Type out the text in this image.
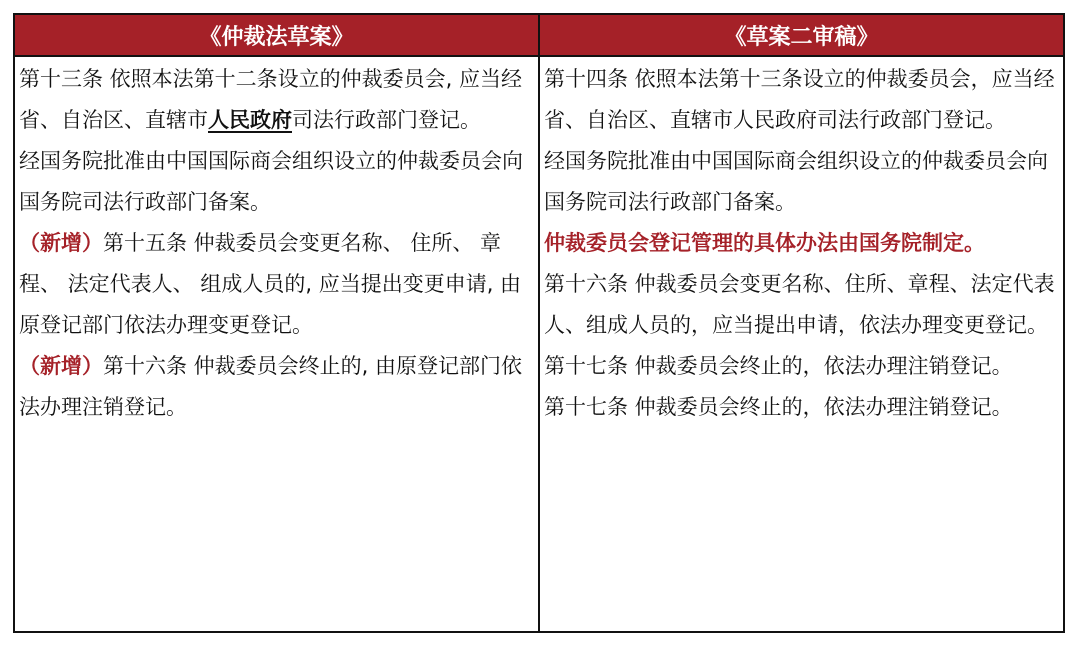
《仲裁法草案》	《草案二审稿》

第十三条 依照本法第十二条设立的仲裁委员会, 应当经省、自治区、直辖市人民政府司法行政部门登记。

经国务院批准由中国国际商会组织设立的仲裁委员会向国务院司法行政部门备案。

（新增）第十五条 仲裁委员会变更名称、 住所、 章程、 法定代表人、 组成人员的, 应当提出变更申请, 由原登记部门依法办理变更登记。

（新增）第十六条 仲裁委员会终止的, 由原登记部门依法办理注销登记。

第十四条 依照本法第十三条设立的仲裁委员会，应当经省、自治区、直辖市人民政府司法行政部门登记。

经国务院批准由中国国际商会组织设立的仲裁委员会向国务院司法行政部门备案。

仲裁委员会登记管理的具体办法由国务院制定。

第十六条 仲裁委员会变更名称、住所、章程、法定代表人、组成人员的，应当提出申请，依法办理变更登记。

第十七条 仲裁委员会终止的，依法办理注销登记。

第十七条 仲裁委员会终止的，依法办理注销登记。
